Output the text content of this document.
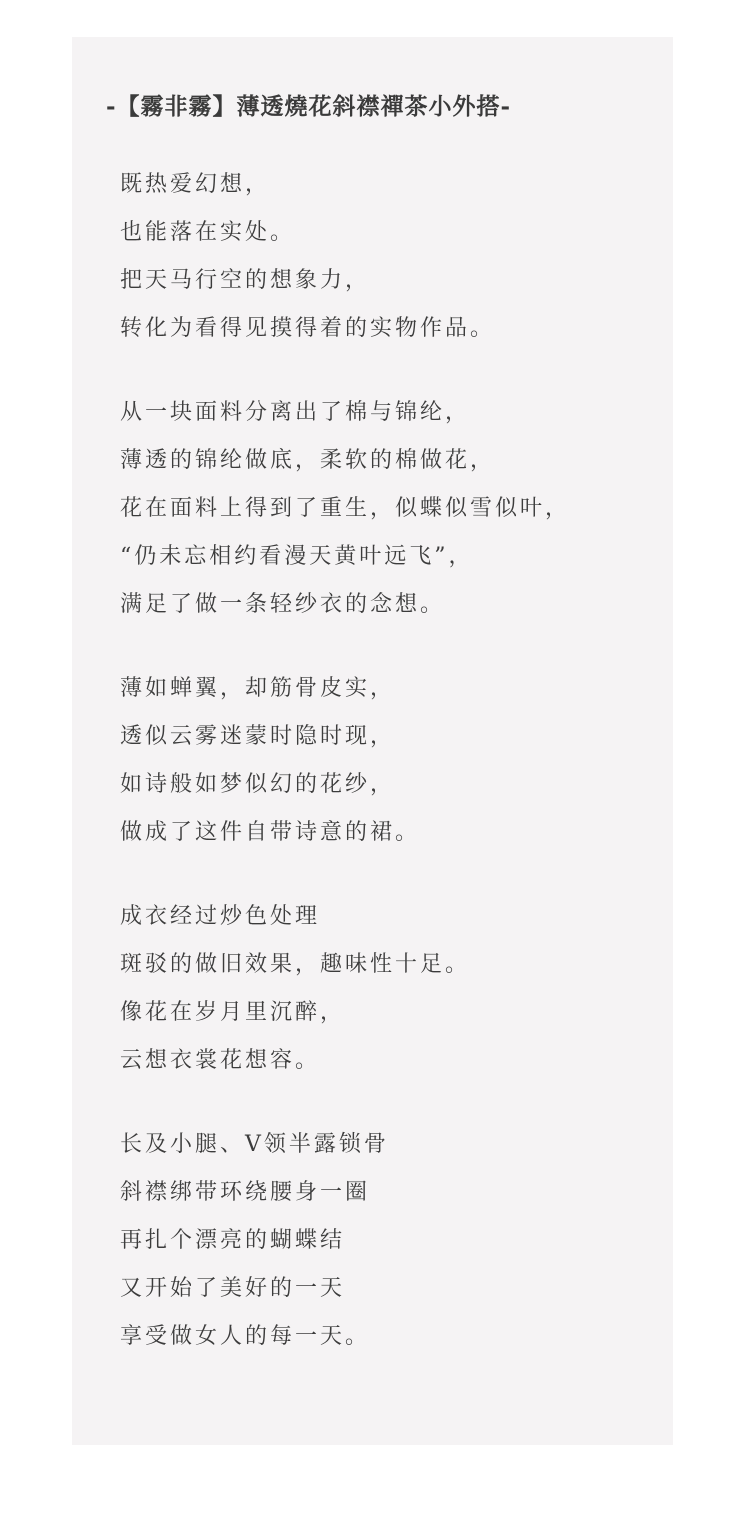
-【霧非霧】薄透燒花斜襟禪茶小外搭-
既热爱幻想，
也能落在实处。
把天马行空的想象力，
转化为看得见摸得着的实物作品。
从一块面料分离出了棉与锦纶，
薄透的锦纶做底，柔软的棉做花，
花在面料上得到了重生，似蝶似雪似叶，
“仍未忘相约看漫天黄叶远飞”，
满足了做一条轻纱衣的念想。
薄如蝉翼，却筋骨皮实，
透似云雾迷蒙时隐时现，
如诗般如梦似幻的花纱，
做成了这件自带诗意的裙。
成衣经过炒色处理
斑驳的做旧效果，趣味性十足。
像花在岁月里沉醉，
云想衣裳花想容。
长及小腿、V领半露锁骨
斜襟绑带环绕腰身一圈
再扎个漂亮的蝴蝶结
又开始了美好的一天
享受做女人的每一天。
